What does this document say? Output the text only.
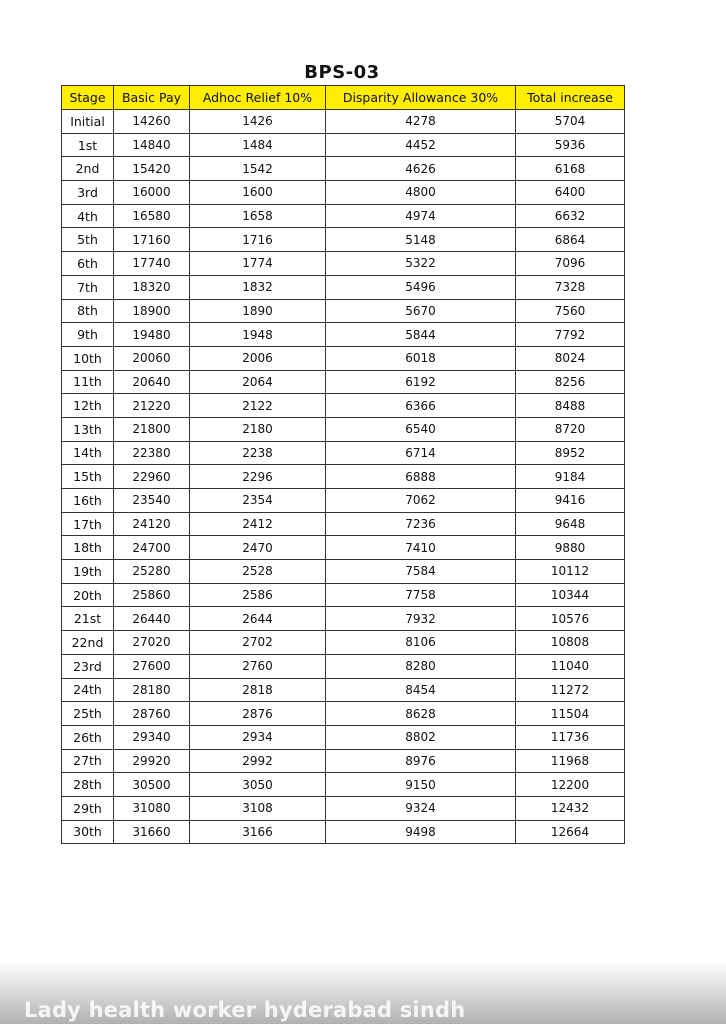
BPS-03
Stage	Basic Pay	Adhoc Relief 10%	Disparity Allowance 30%	Total increase
Initial	14260	1426	4278	5704
1st	14840	1484	4452	5936
2nd	15420	1542	4626	6168
3rd	16000	1600	4800	6400
4th	16580	1658	4974	6632
5th	17160	1716	5148	6864
6th	17740	1774	5322	7096
7th	18320	1832	5496	7328
8th	18900	1890	5670	7560
9th	19480	1948	5844	7792
10th	20060	2006	6018	8024
11th	20640	2064	6192	8256
12th	21220	2122	6366	8488
13th	21800	2180	6540	8720
14th	22380	2238	6714	8952
15th	22960	2296	6888	9184
16th	23540	2354	7062	9416
17th	24120	2412	7236	9648
18th	24700	2470	7410	9880
19th	25280	2528	7584	10112
20th	25860	2586	7758	10344
21st	26440	2644	7932	10576
22nd	27020	2702	8106	10808
23rd	27600	2760	8280	11040
24th	28180	2818	8454	11272
25th	28760	2876	8628	11504
26th	29340	2934	8802	11736
27th	29920	2992	8976	11968
28th	30500	3050	9150	12200
29th	31080	3108	9324	12432
30th	31660	3166	9498	12664
Lady health worker hyderabad sindh
